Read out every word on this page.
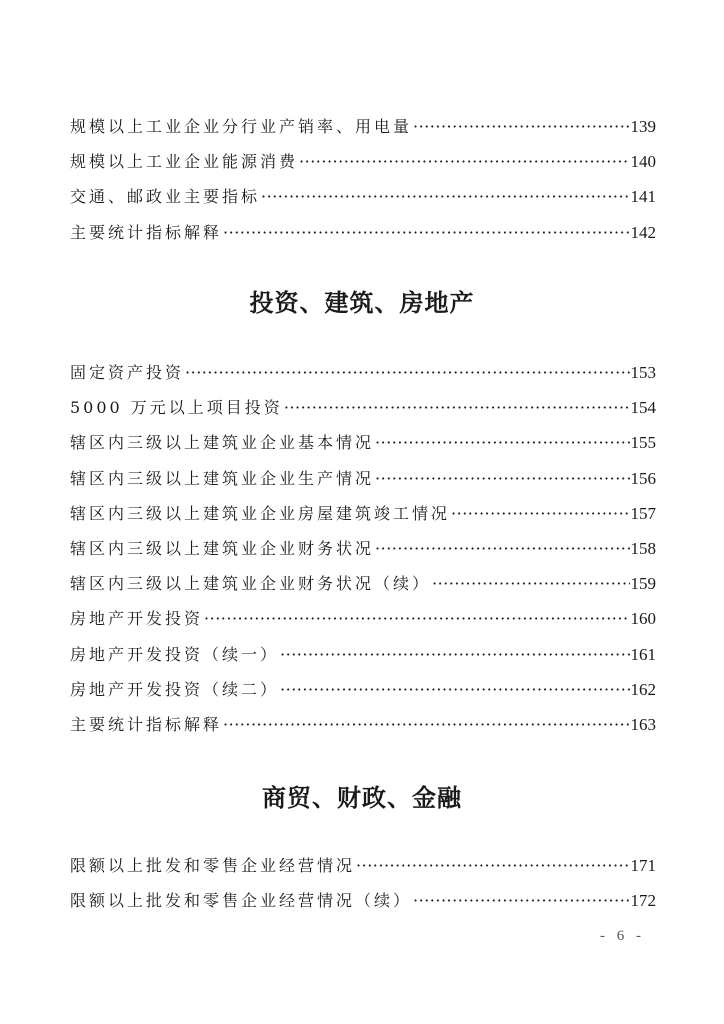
规模以上工业企业分行业产销率、用电量 ·····	139
规模以上工业企业能源消费 ·····	140
交通、邮政业主要指标 ·····	141
主要统计指标解释 ·····	142
投资、建筑、房地产
固定资产投资 ·····	153
5000 万元以上项目投资 ·····	154
辖区内三级以上建筑业企业基本情况 ·····	155
辖区内三级以上建筑业企业生产情况 ·····	156
辖区内三级以上建筑业企业房屋建筑竣工情况 ·····	157
辖区内三级以上建筑业企业财务状况 ·····	158
辖区内三级以上建筑业企业财务状况（续） ·····	159
房地产开发投资 ·····	160
房地产开发投资（续一） ·····	161
房地产开发投资（续二） ·····	162
主要统计指标解释 ·····	163
商贸、财政、金融
限额以上批发和零售企业经营情况 ·····	171
限额以上批发和零售企业经营情况（续） ·····	172
- 6 -
